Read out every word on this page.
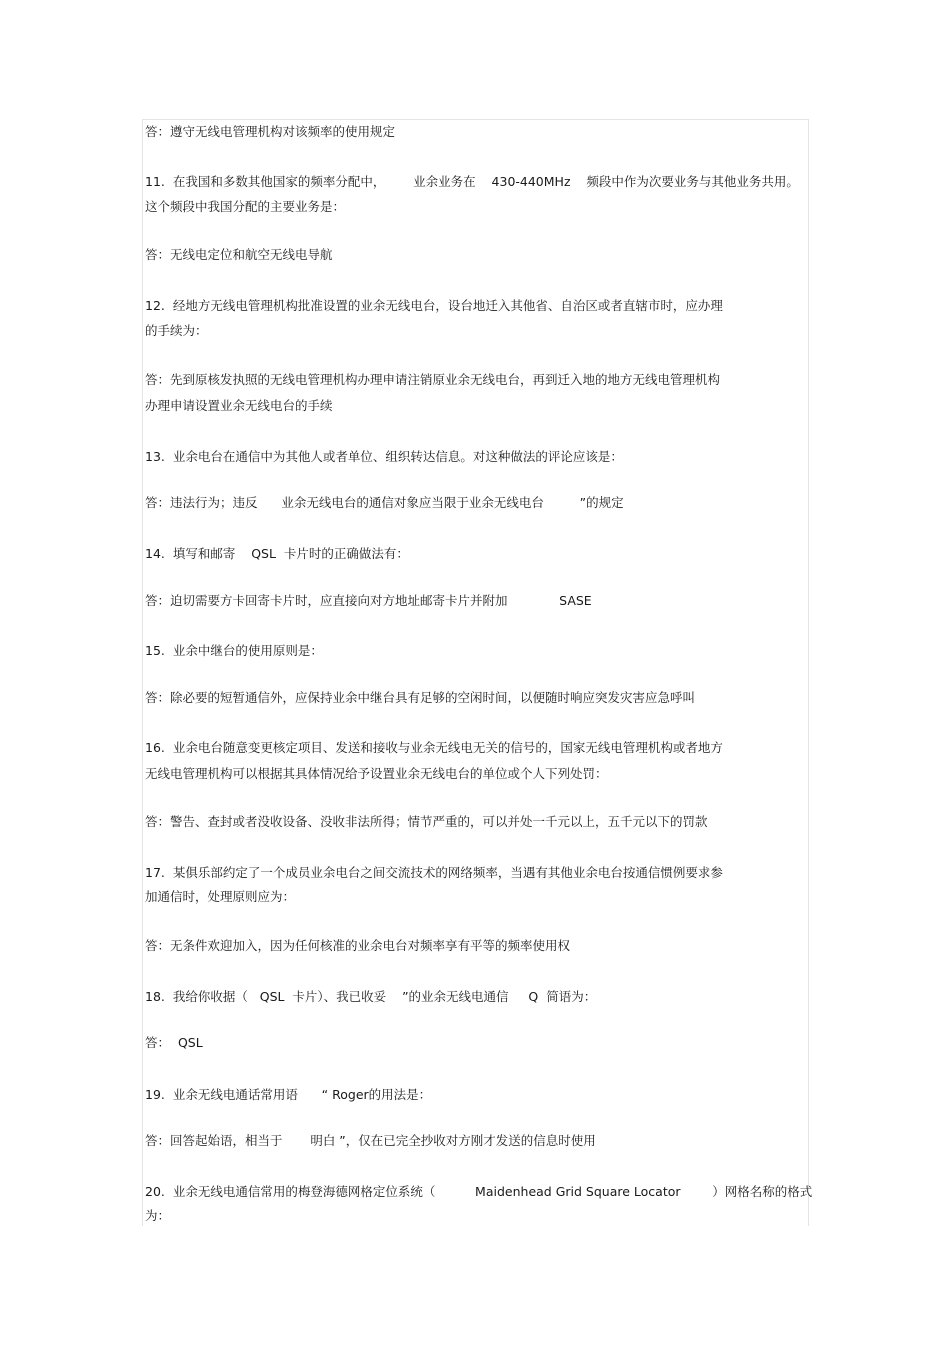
答：遵守无线电管理机构对该频率的使用规定
11.  在我国和多数其他国家的频率分配中，       业余业务在    430-440MHz    频段中作为次要业务与其他业务共用。
这个频段中我国分配的主要业务是：
答：无线电定位和航空无线电导航
12.  经地方无线电管理机构批准设置的业余无线电台，设台地迁入其他省、自治区或者直辖市时，应办理
的手续为：
答：先到原核发执照的无线电管理机构办理申请注销原业余无线电台，再到迁入地的地方无线电管理机构
办理申请设置业余无线电台的手续
13.  业余电台在通信中为其他人或者单位、组织转达信息。对这种做法的评论应该是：
答：违法行为；违反      业余无线电台的通信对象应当限于业余无线电台         ”的规定
14.  填写和邮寄    QSL  卡片时的正确做法有：
答：迫切需要方卡回寄卡片时，应直接向对方地址邮寄卡片并附加             SASE
15.  业余中继台的使用原则是：
答：除必要的短暂通信外，应保持业余中继台具有足够的空闲时间，以便随时响应突发灾害应急呼叫
16.  业余电台随意变更核定项目、发送和接收与业余无线电无关的信号的，国家无线电管理机构或者地方
无线电管理机构可以根据其具体情况给予设置业余无线电台的单位或个人下列处罚：
答：警告、查封或者没收设备、没收非法所得；情节严重的，可以并处一千元以上，五千元以下的罚款
17.  某俱乐部约定了一个成员业余电台之间交流技术的网络频率，当遇有其他业余电台按通信惯例要求参
加通信时，处理原则应为：
答：无条件欢迎加入，因为任何核准的业余电台对频率享有平等的频率使用权
18.  我给你收据（   QSL  卡片）、我已收妥    ”的业余无线电通信     Q  简语为：
答：  QSL
19.  业余无线电通话常用语      “ Roger的用法是：
答：回答起始语，相当于       明白 ”，仅在已完全抄收对方刚才发送的信息时使用
20.  业余无线电通信常用的梅登海德网格定位系统（          Maidenhead Grid Square Locator        ）网格名称的格式
为：
